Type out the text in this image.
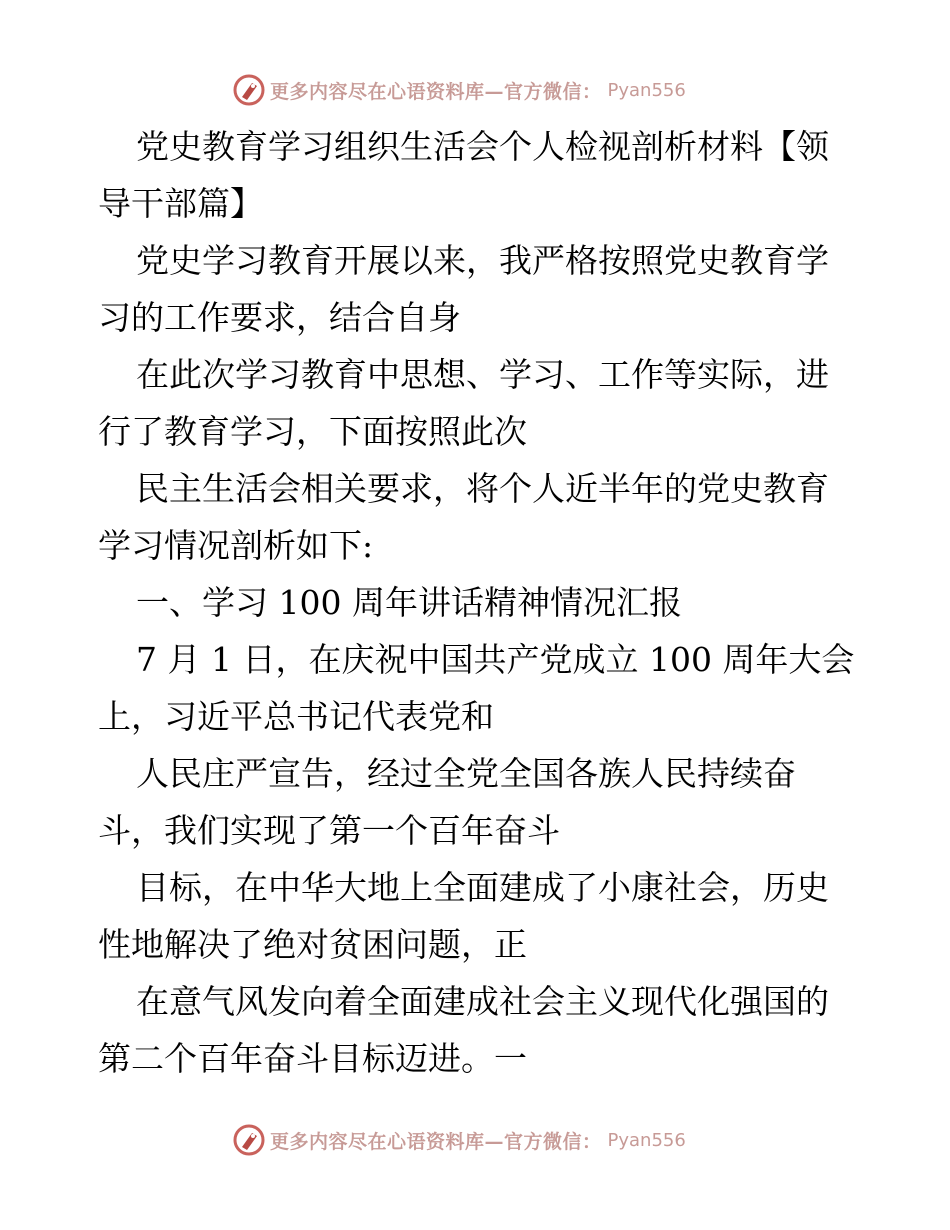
更多内容尽在心语资料库—官方微信： Pyan556

党史教育学习组织生活会个人检视剖析材料【领导干部篇】

党史学习教育开展以来，我严格按照党史教育学习的工作要求，结合自身

在此次学习教育中思想、学习、工作等实际，进行了教育学习，下面按照此次

民主生活会相关要求，将个人近半年的党史教育学习情况剖析如下:

一、学习 100 周年讲话精神情况汇报

7 月 1 日，在庆祝中国共产党成立 100 周年大会上，习近平总书记代表党和

人民庄严宣告，经过全党全国各族人民持续奋斗，我们实现了第一个百年奋斗

目标，在中华大地上全面建成了小康社会，历史性地解决了绝对贫困问题，正

在意气风发向着全面建成社会主义现代化强国的第二个百年奋斗目标迈进。一

更多内容尽在心语资料库—官方微信： Pyan556
